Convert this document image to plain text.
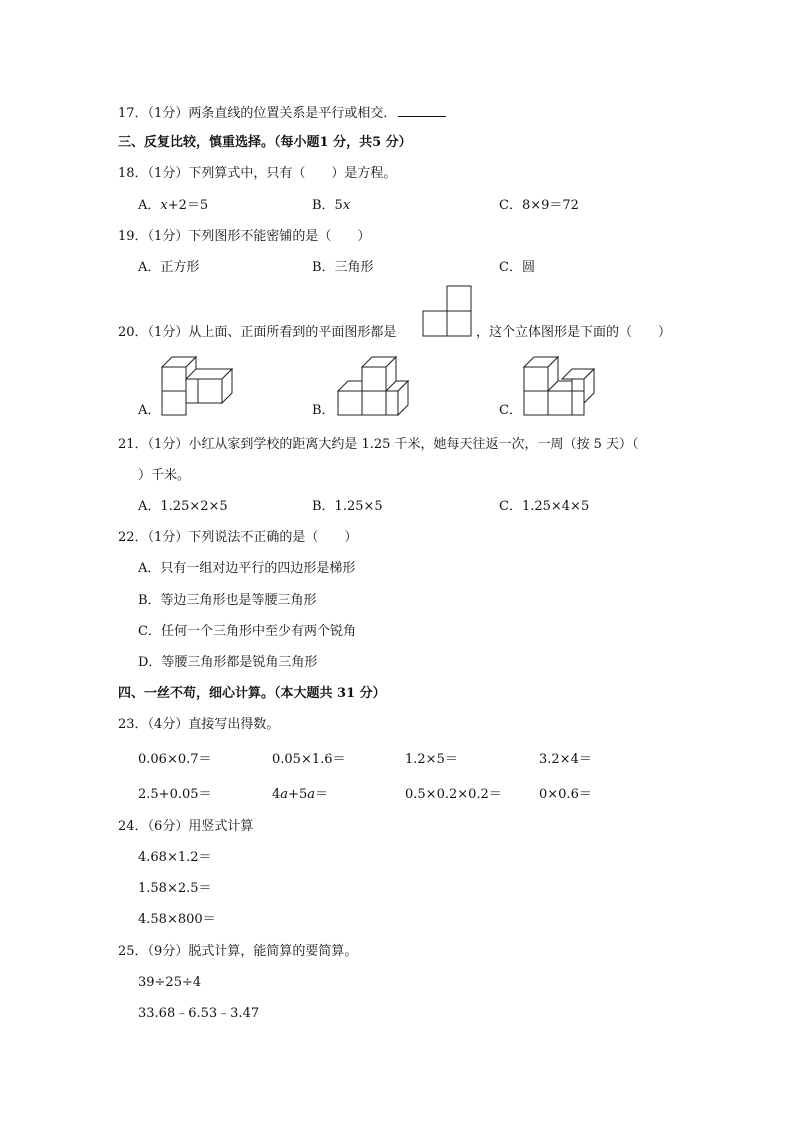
17．（1分）两条直线的位置关系是平行或相交．
三、反复比较，慎重选择。（每小题1 分，共5 分）
18．（1分）下列算式中，只有（　　）是方程。
A．x+2＝5	B．5x	C．8×9＝72
19．（1分）下列图形不能密铺的是（　　）
A．正方形	B．三角形	C．圆
20．（1分）从上面、正面所看到的平面图形都是	，这个立体图形是下面的（　　）
A．	B．	C．
21．（1分）小红从家到学校的距离大约是 1.25 千米，她每天往返一次，一周（按 5 天）（
）千米。
A．1.25×2×5	B．1.25×5	C．1.25×4×5
22．（1分）下列说法不正确的是（　　）
A．只有一组对边平行的四边形是梯形
B．等边三角形也是等腰三角形
C．任何一个三角形中至少有两个锐角
D．等腰三角形都是锐角三角形
四、一丝不苟，细心计算。（本大题共 31 分）
23．（4分）直接写出得数。
0.06×0.7＝	0.05×1.6＝	1.2×5＝	3.2×4＝
2.5+0.05＝	4a+5a＝	0.5×0.2×0.2＝	0×0.6＝
24．（6分）用竖式计算
4.68×1.2＝
1.58×2.5＝
4.58×800＝
25．（9分）脱式计算，能简算的要简算。
39÷25÷4
33.68﹣6.53﹣3.47
